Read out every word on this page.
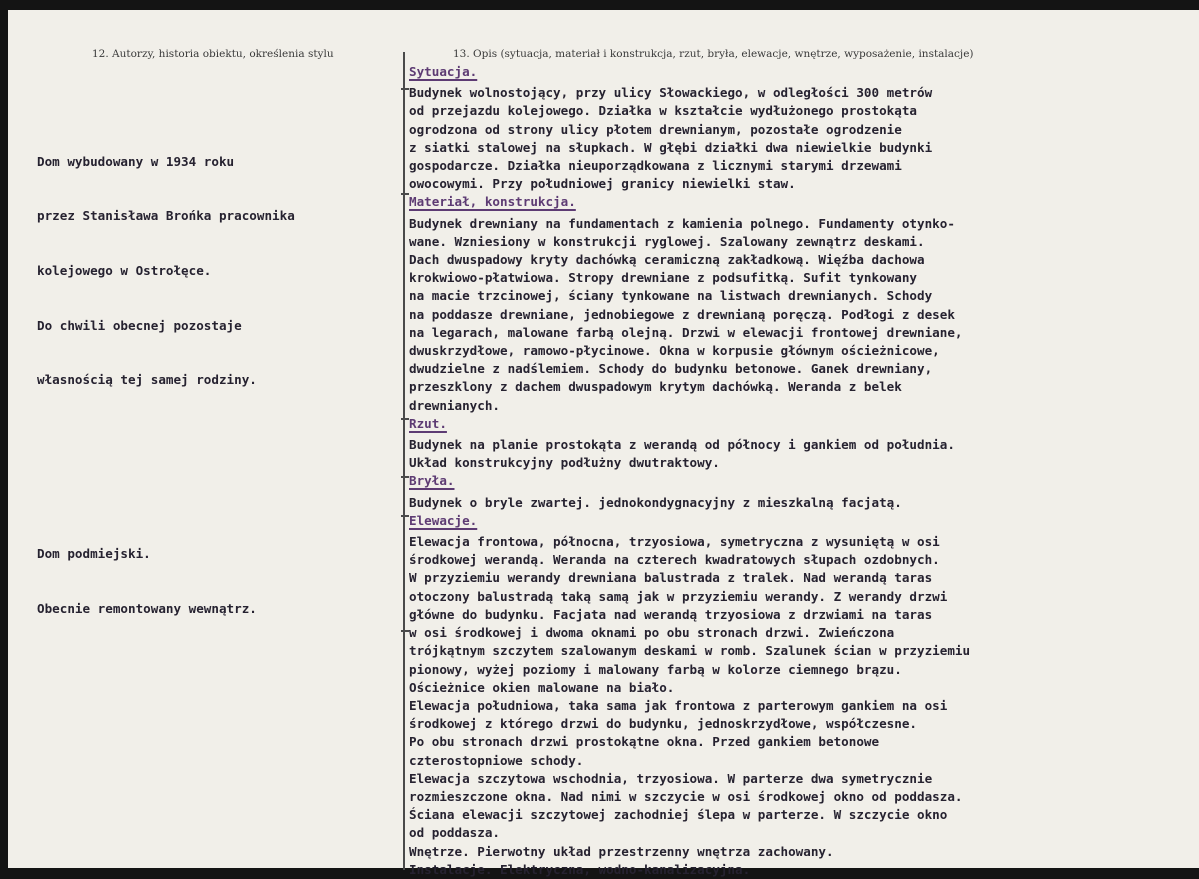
12. Autorzy, historia obiektu, określenia stylu	13. Opis (sytuacja, materiał i konstrukcja, rzut, bryła, elewacje, wnętrze, wyposażenie, instalacje)

Dom wybudowany w 1934 roku

przez Stanisława Brońka pracownika

kolejowego w Ostrołęce.

Do chwili obecnej pozostaje

własnością tej samej rodziny.

Dom podmiejski.

Obecnie remontowany wewnątrz.

Sytuacja.
Budynek wolnostojący, przy ulicy Słowackiego, w odległości 300 metrów
od przejazdu kolejowego. Działka w kształcie wydłużonego prostokąta
ogrodzona od strony ulicy płotem drewnianym, pozostałe ogrodzenie
z siatki stalowej na słupkach. W głębi działki dwa niewielkie budynki
gospodarcze. Działka nieuporządkowana z licznymi starymi drzewami
owocowymi. Przy południowej granicy niewielki staw.
Materiał, konstrukcja.
Budynek drewniany na fundamentach z kamienia polnego. Fundamenty otynko-
wane. Wzniesiony w konstrukcji ryglowej. Szalowany zewnątrz deskami.
Dach dwuspadowy kryty dachówką ceramiczną zakładkową. Więźba dachowa
krokwiowo-płatwiowa. Stropy drewniane z podsufitką. Sufit tynkowany
na macie trzcinowej, ściany tynkowane na listwach drewnianych. Schody
na poddasze drewniane, jednobiegowe z drewnianą poręczą. Podłogi z desek
na legarach, malowane farbą olejną. Drzwi w elewacji frontowej drewniane,
dwuskrzydłowe, ramowo-płycinowe. Okna w korpusie głównym ościeżnicowe,
dwudzielne z nadślemiem. Schody do budynku betonowe. Ganek drewniany,
przeszklony z dachem dwuspadowym krytym dachówką. Weranda z belek
drewnianych.
Rzut.
Budynek na planie prostokąta z werandą od północy i gankiem od południa.
Układ konstrukcyjny podłużny dwutraktowy.
Bryła.
Budynek o bryle zwartej. jednokondygnacyjny z mieszkalną facjatą.
Elewacje.
Elewacja frontowa, północna, trzyosiowa, symetryczna z wysuniętą w osi
środkowej werandą. Weranda na czterech kwadratowych słupach ozdobnych.
W przyziemiu werandy drewniana balustrada z tralek. Nad werandą taras
otoczony balustradą taką samą jak w przyziemiu werandy. Z werandy drzwi
główne do budynku. Facjata nad werandą trzyosiowa z drzwiami na taras
w osi środkowej i dwoma oknami po obu stronach drzwi. Zwieńczona
trójkątnym szczytem szalowanym deskami w romb. Szalunek ścian w przyziemiu
pionowy, wyżej poziomy i malowany farbą w kolorze ciemnego brązu.
Ościeżnice okien malowane na biało.
Elewacja południowa, taka sama jak frontowa z parterowym gankiem na osi
środkowej z którego drzwi do budynku, jednoskrzydłowe, współczesne.
Po obu stronach drzwi prostokątne okna. Przed gankiem betonowe
czterostopniowe schody.
Elewacja szczytowa wschodnia, trzyosiowa. W parterze dwa symetrycznie
rozmieszczone okna. Nad nimi w szczycie w osi środkowej okno od poddasza.
Ściana elewacji szczytowej zachodniej ślepa w parterze. W szczycie okno
od poddasza.
Wnętrze. Pierwotny układ przestrzenny wnętrza zachowany.
Instalacje. Elektryczna, wodno-kanalizacyjna.
